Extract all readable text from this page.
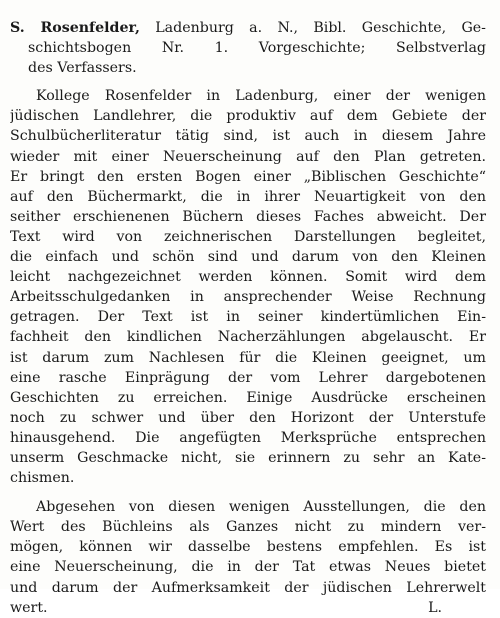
S. Rosenfelder, Ladenburg a. N., Bibl. Geschichte, Ge-
schichtsbogen Nr. 1. Vorgeschichte; Selbstverlag
des Verfassers.
Kollege Rosenfelder in Ladenburg, einer der wenigen
jüdischen Landlehrer, die produktiv auf dem Gebiete der
Schulbücherliteratur tätig sind, ist auch in diesem Jahre
wieder mit einer Neuerscheinung auf den Plan getreten.
Er bringt den ersten Bogen einer „Biblischen Geschichte“
auf den Büchermarkt, die in ihrer Neuartigkeit von den
seither erschienenen Büchern dieses Faches abweicht. Der
Text wird von zeichnerischen Darstellungen begleitet,
die einfach und schön sind und darum von den Kleinen
leicht nachgezeichnet werden können. Somit wird dem
Arbeitsschulgedanken in ansprechender Weise Rechnung
getragen. Der Text ist in seiner kindertümlichen Ein-
fachheit den kindlichen Nacherzählungen abgelauscht. Er
ist darum zum Nachlesen für die Kleinen geeignet, um
eine rasche Einprägung der vom Lehrer dargebotenen
Geschichten zu erreichen. Einige Ausdrücke erscheinen
noch zu schwer und über den Horizont der Unterstufe
hinausgehend. Die angefügten Merksprüche entsprechen
unserm Geschmacke nicht, sie erinnern zu sehr an Kate-
chismen.
Abgesehen von diesen wenigen Ausstellungen, die den
Wert des Büchleins als Ganzes nicht zu mindern ver-
mögen, können wir dasselbe bestens empfehlen. Es ist
eine Neuerscheinung, die in der Tat etwas Neues bietet
und darum der Aufmerksamkeit der jüdischen Lehrerwelt
wert.	L.
